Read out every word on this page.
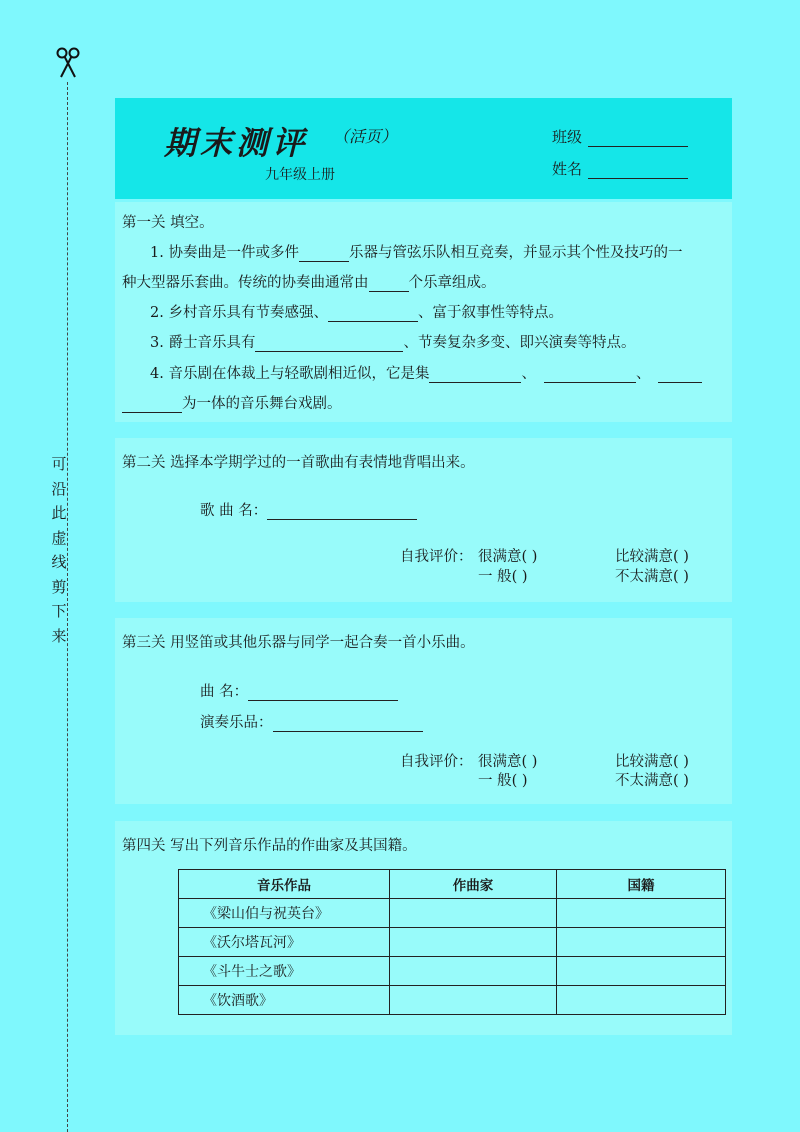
可
沿
此
虚
线
剪
下
来
期末测评 （活页）
九年级上册
班级
姓名
第一关 填空。
1. 协奏曲是一件或多件	乐器与管弦乐队相互竞奏，并显示其个性及技巧的一
种大型器乐套曲。传统的协奏曲通常由	个乐章组成。
2. 乡村音乐具有节奏感强、	、富于叙事性等特点。
3. 爵士音乐具有	、节奏复杂多变、即兴演奏等特点。
4. 音乐剧在体裁上与轻歌剧相近似，它是集	、	、
为一体的音乐舞台戏剧。
第二关 选择本学期学过的一首歌曲有表情地背唱出来。
歌 曲 名：
自我评价： 很满意( )	比较满意( )
一 般( )	不太满意( )
第三关 用竖笛或其他乐器与同学一起合奏一首小乐曲。
曲 名：
演奏乐品：
自我评价： 很满意( )	比较满意( )
一 般( )	不太满意( )
第四关 写出下列音乐作品的作曲家及其国籍。
音乐作品	作曲家	国籍
《梁山伯与祝英台》		
《沃尔塔瓦河》		
《斗牛士之歌》		
《饮酒歌》		
